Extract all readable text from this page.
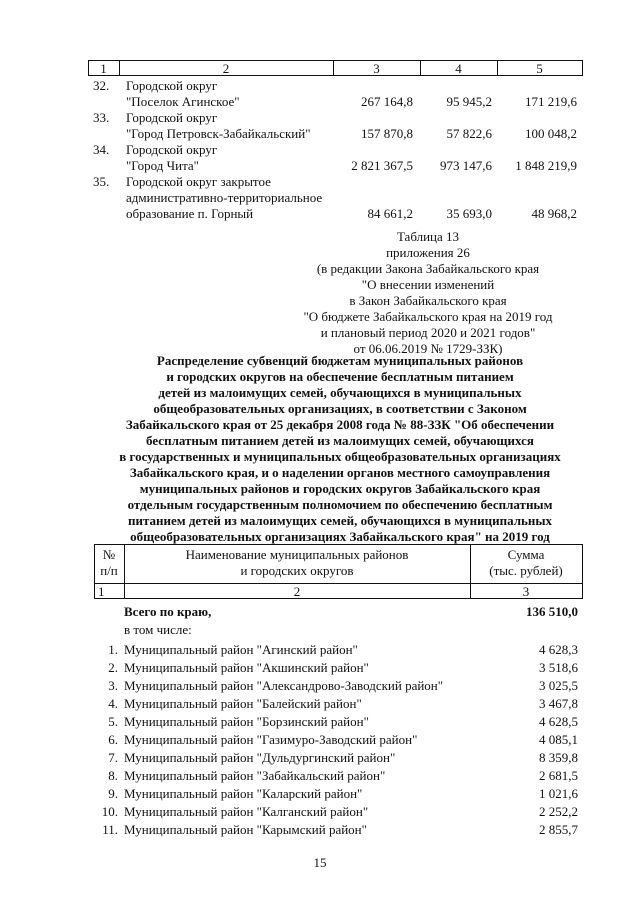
1	2	3	4	5
32. Городской округ
"Поселок Агинское"	267 164,8	95 945,2	171 219,6
33. Городской округ
"Город Петровск-Забайкальский"	157 870,8	57 822,6	100 048,2
34. Городской округ
"Город Чита"	2 821 367,5	973 147,6	1 848 219,9
35. Городской округ закрытое
административно-территориальное
образование п. Горный	84 661,2	35 693,0	48 968,2
Таблица 13
приложения 26
(в редакции Закона Забайкальского края
"О внесении изменений
в Закон Забайкальского края
"О бюджете Забайкальского края на 2019 год
и плановый период 2020 и 2021 годов"
от 06.06.2019 № 1729-ЗЗК)
Распределение субвенций бюджетам муниципальных районов
и городских округов на обеспечение бесплатным питанием
детей из малоимущих семей, обучающихся в муниципальных
общеобразовательных организациях, в соответствии с Законом
Забайкальского края от 25 декабря 2008 года № 88-ЗЗК "Об обеспечении
бесплатным питанием детей из малоимущих семей, обучающихся
в государственных и муниципальных общеобразовательных организациях
Забайкальского края, и о наделении органов местного самоуправления
муниципальных районов и городских округов Забайкальского края
отдельным государственным полномочием по обеспечению бесплатным
питанием детей из малоимущих семей, обучающихся в муниципальных
общеобразовательных организациях Забайкальского края" на 2019 год
№
п/п
Наименование муниципальных районов
и городских округов
Сумма
(тыс. рублей)
1	2	3
Всего по краю,	136 510,0
в том числе:
1. Муниципальный район "Агинский район"	4 628,3
2. Муниципальный район "Акшинский район"	3 518,6
3. Муниципальный район "Александрово-Заводский район"	3 025,5
4. Муниципальный район "Балейский район"	3 467,8
5. Муниципальный район "Борзинский район"	4 628,5
6. Муниципальный район "Газимуро-Заводский район"	4 085,1
7. Муниципальный район "Дульдургинский район"	8 359,8
8. Муниципальный район "Забайкальский район"	2 681,5
9. Муниципальный район "Каларский район"	1 021,6
10. Муниципальный район "Калганский район"	2 252,2
11. Муниципальный район "Карымский район"	2 855,7
15
